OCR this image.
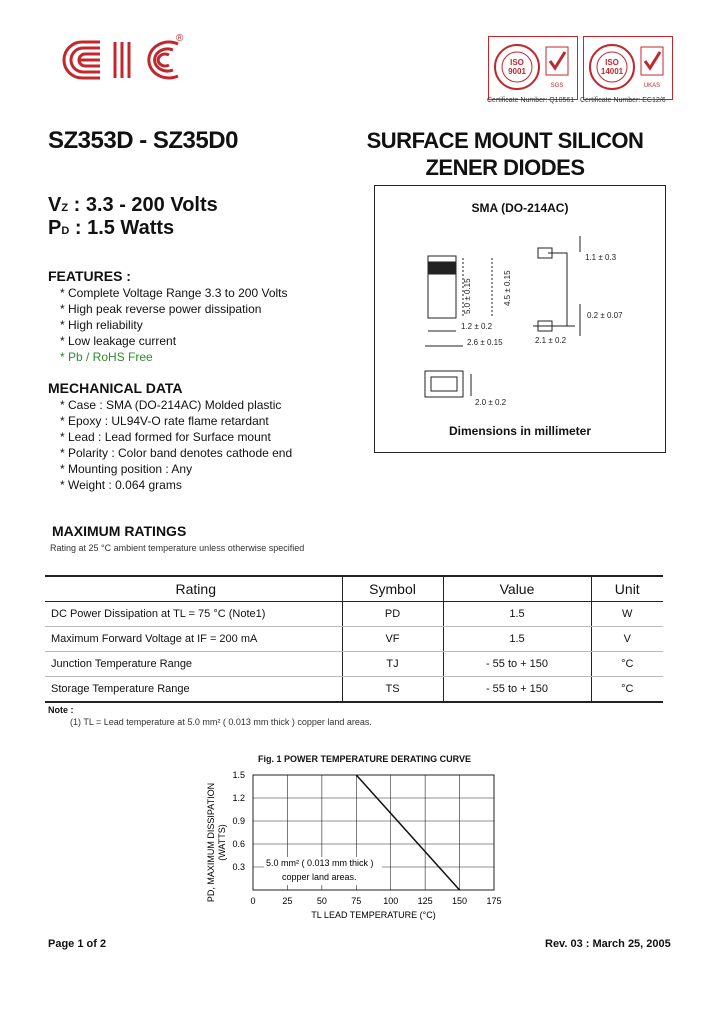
®
ISO
9001
SGS
ISO
14001
UKAS
Certificate Number: Q10561 Certificate Number: EC12/6
SZ353D - SZ35D0	SURFACE MOUNT SILICON
ZENER DIODES
VZ : 3.3 - 200 Volts
PD : 1.5 Watts
FEATURES :
* Complete Voltage Range 3.3 to 200 Volts
* High peak reverse power dissipation
* High reliability
* Low leakage current
* Pb / RoHS Free
MECHANICAL DATA
* Case : SMA (DO-214AC) Molded plastic
* Epoxy : UL94V-O rate flame retardant
* Lead : Lead formed for Surface mount
* Polarity : Color band denotes cathode end
* Mounting position : Any
* Weight : 0.064 grams
SMA (DO-214AC)
5.0 ± 0.15	4.5 ± 0.15
1.1 ± 0.3
1.2 ± 0.2
0.2 ± 0.07
2.6 ± 0.15	2.1 ± 0.2
2.0 ± 0.2
Dimensions in millimeter
MAXIMUM RATINGS
Rating at 25 °C ambient temperature unless otherwise specified
Rating	Symbol	Value	Unit
DC Power Dissipation at TL = 75 °C (Note1)	PD	1.5	W
Maximum Forward Voltage at IF = 200 mA	VF	1.5	V
Junction Temperature Range	TJ	- 55 to + 150	°C
Storage Temperature Range	TS	- 55 to + 150	°C
Note :
(1) TL = Lead temperature at 5.0 mm² ( 0.013 mm thick ) copper land areas.
Fig. 1 POWER TEMPERATURE DERATING CURVE
0	25	50	75 100 125 150 175
1.5
1.2
0.9
0.6
0.3 5.0 mm² ( 0.013 mm thick )
copper land areas.
TL LEAD TEMPERATURE (°C)
PD, MAXIMUM DISSIPATION (WATTS)
Page 1 of 2	Rev. 03 : March 25, 2005
